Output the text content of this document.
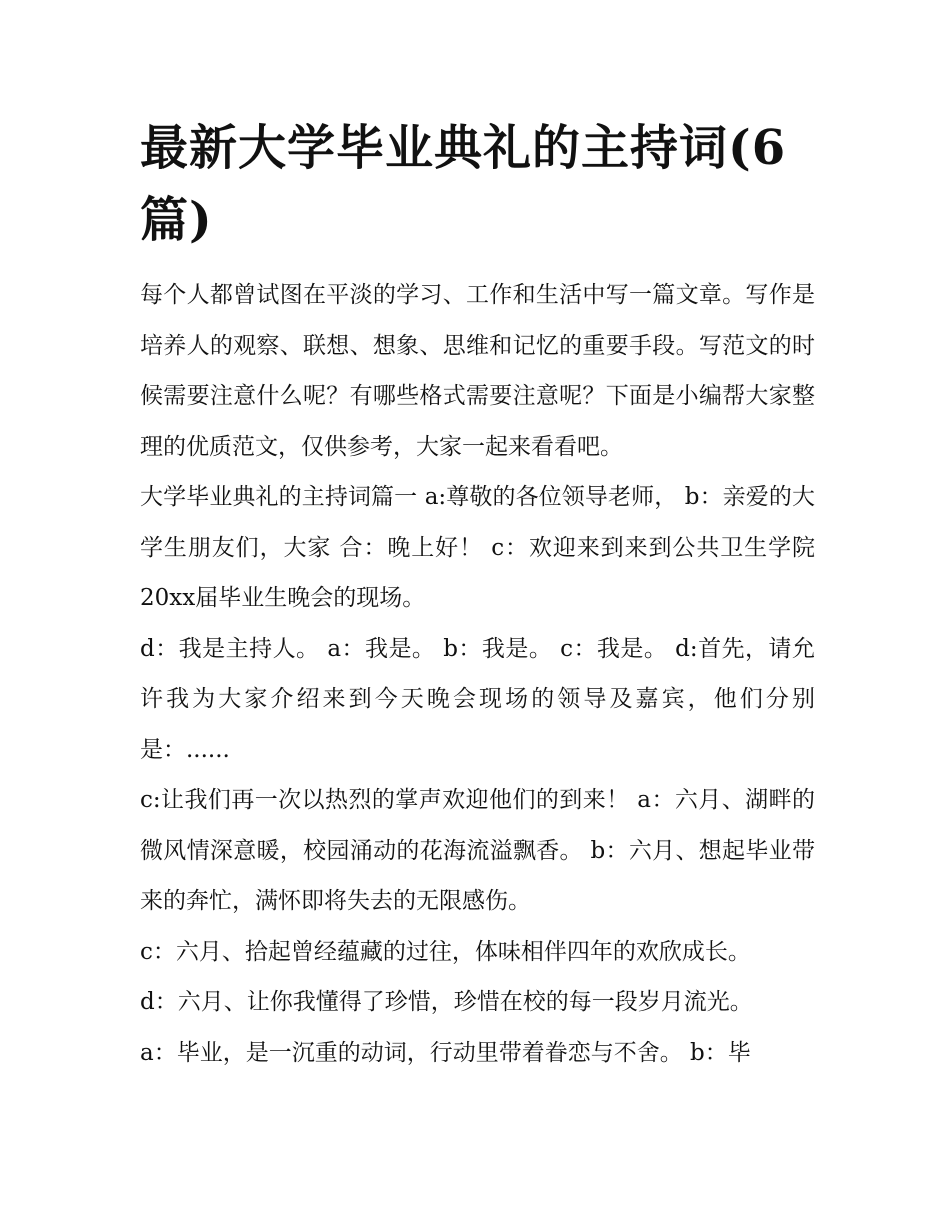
最新大学毕业典礼的主持词(6篇)

每个人都曾试图在平淡的学习、工作和生活中写一篇文章。写作是培养人的观察、联想、想象、思维和记忆的重要手段。写范文的时候需要注意什么呢？有哪些格式需要注意呢？下面是小编帮大家整理的优质范文，仅供参考，大家一起来看看吧。

大学毕业典礼的主持词篇一 a:尊敬的各位领导老师， b：亲爱的大学生朋友们，大家 合：晚上好！ c：欢迎来到来到公共卫生学院20xx届毕业生晚会的现场。

d：我是主持人。 a：我是。 b：我是。 c：我是。 d:首先，请允许我为大家介绍来到今天晚会现场的领导及嘉宾，他们分别是：......

c:让我们再一次以热烈的掌声欢迎他们的到来！ a：六月、湖畔的微风情深意暖，校园涌动的花海流溢飘香。 b：六月、想起毕业带来的奔忙，满怀即将失去的无限感伤。

c：六月、拾起曾经蕴藏的过往，体味相伴四年的欢欣成长。

d：六月、让你我懂得了珍惜，珍惜在校的每一段岁月流光。

a：毕业，是一沉重的动词，行动里带着眷恋与不舍。 b：毕
